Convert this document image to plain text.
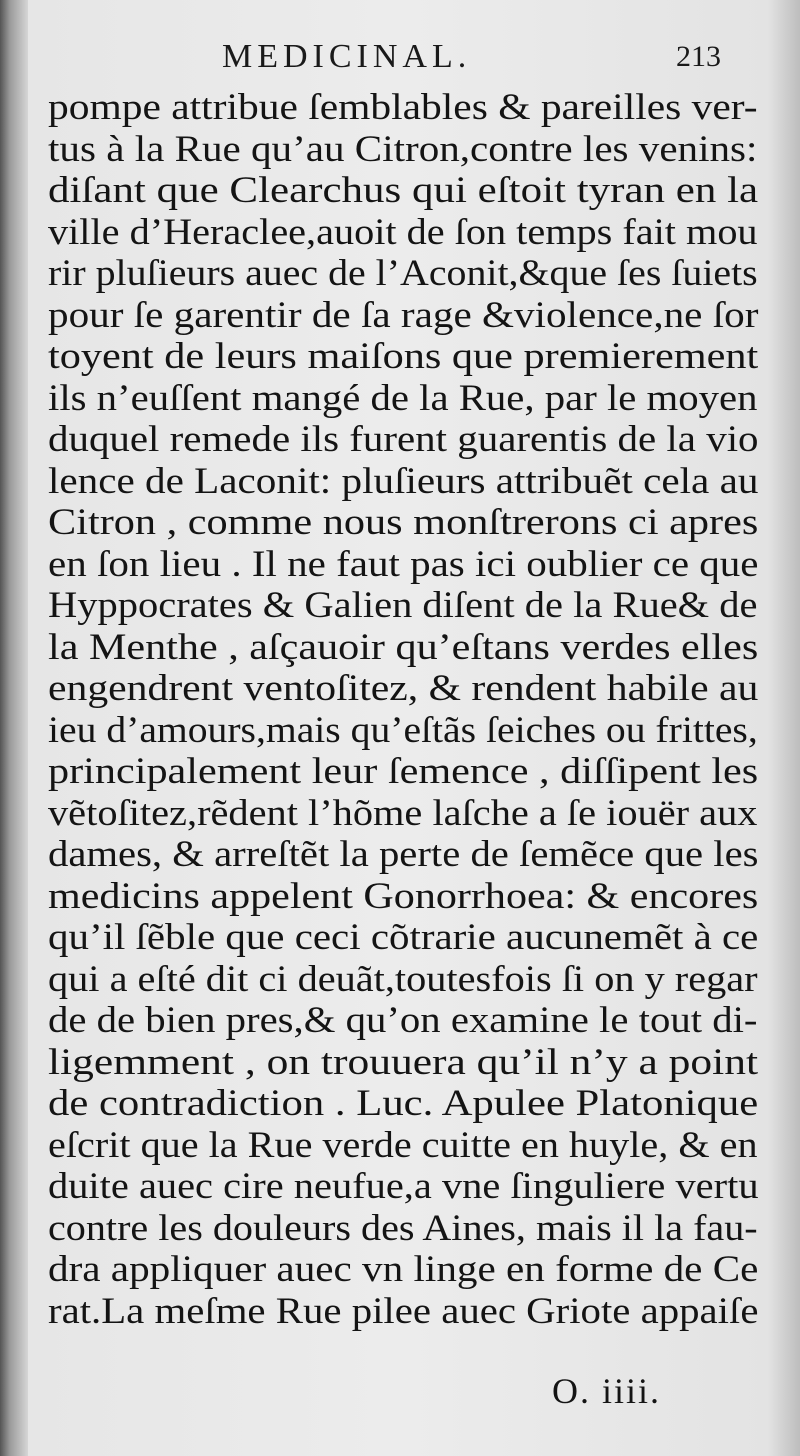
MEDICINAL.	213
pompe attribue ſemblables & pareilles ver-
tus à la Rue qu’au Citron,contre les venins:
diſant que Clearchus qui eſtoit tyran en la
ville d’Heraclee,auoit de ſon temps fait mou
rir pluſieurs auec de l’Aconit,&que ſes ſuiets
pour ſe garentir de ſa rage &violence,ne ſor
toyent de leurs maiſons que premierement
ils n’euſſent mangé de la Rue, par le moyen
duquel remede ils furent guarentis de la vio
lence de Laconit: pluſieurs attribuẽt cela au
Citron , comme nous monſtrerons ci apres
en ſon lieu . Il ne faut pas ici oublier ce que
Hyppocrates & Galien diſent de la Rue& de
la Menthe , aſçauoir qu’eſtans verdes elles
engendrent ventoſitez, & rendent habile au
ieu d’amours,mais qu’eſtãs ſeiches ou frittes,
principalement leur ſemence , diſſipent les
vẽtoſitez,rẽdent l’hõme laſche a ſe iouër aux
dames, & arreſtẽt la perte de ſemẽce que les
medicins appelent Gonorrhoea: & encores
qu’il ſẽble que ceci cõtrarie aucunemẽt à ce
qui a eſté dit ci deuãt,toutesfois ſi on y regar
de de bien pres,& qu’on examine le tout di-
ligemment , on trouuera qu’il n’y a point
de contradiction . Luc. Apulee Platonique
eſcrit que la Rue verde cuitte en huyle, & en
duite auec cire neufue,a vne ſinguliere vertu
contre les douleurs des Aines, mais il la fau-
dra appliquer auec vn linge en forme de Ce
rat.La meſme Rue pilee auec Griote appaiſe
O. iiii.
